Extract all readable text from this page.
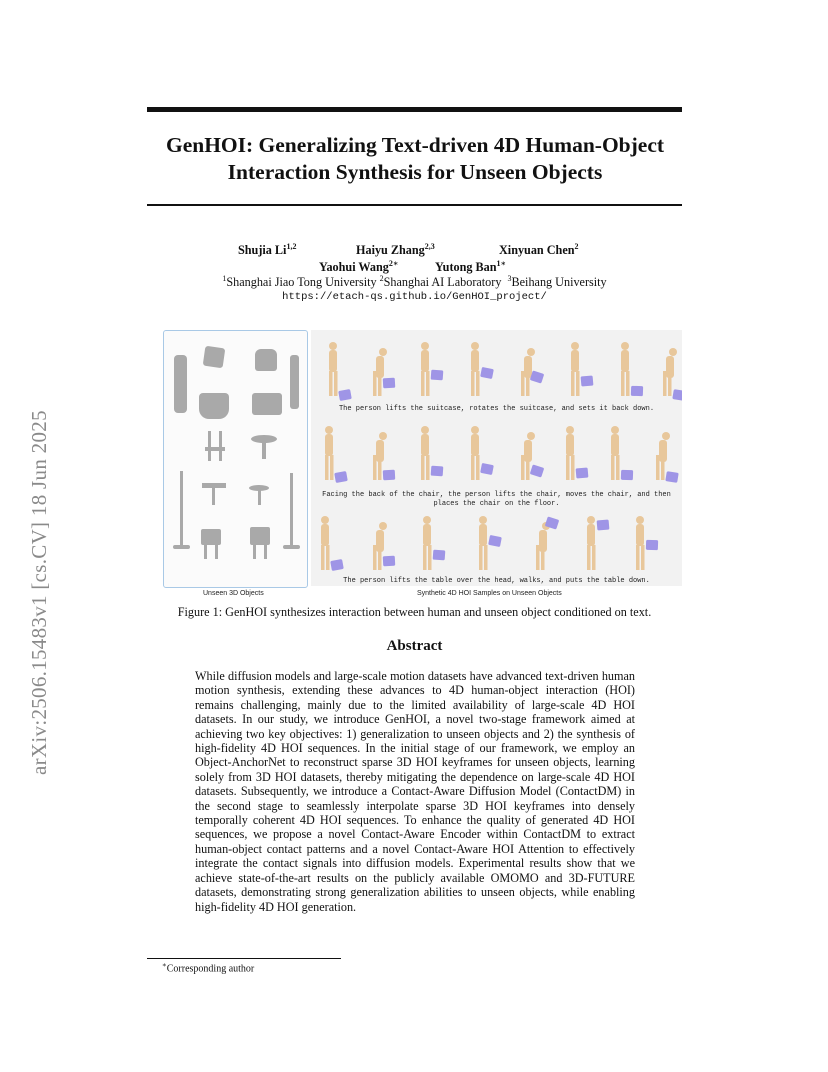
GenHOI: Generalizing Text-driven 4D Human-Object
Interaction Synthesis for Unseen Objects
arXiv:2506.15483v1 [cs.CV] 18 Jun 2025
Shujia Li$^{1,2}$	Haiyu Zhang$^{2,3}$	Xinyuan Chen$^2$
Yaohui Wang$^{2∗}$	Yutong Ban$^{1∗}$
$^1$Shanghai Jiao Tong University $^2$Shanghai AI Laboratory $^3$Beihang University
https://etach-qs.github.io/GenHOI_project/
The person lifts the suitcase, rotates the suitcase, and sets it back down.
Facing the back of the chair, the person lifts the chair, moves the chair, and then
places the chair on the floor.
The person lifts the table over the head, walks, and puts the table down.
Unseen 3D Objects	Synthetic 4D HOI Samples on Unseen Objects
Figure 1: GenHOI synthesizes interaction between human and unseen object conditioned on text.
Abstract

While diffusion models and large-scale motion datasets have advanced text-driven human motion synthesis, extending these advances to 4D human-object interaction (HOI) remains challenging, mainly due to the limited availability of large-scale 4D HOI datasets. In our study, we introduce GenHOI, a novel two-stage framework aimed at achieving two key objectives: 1) generalization to unseen objects and 2) the synthesis of high-fidelity 4D HOI sequences. In the initial stage of our framework, we employ an Object-AnchorNet to reconstruct sparse 3D HOI keyframes for unseen objects, learning solely from 3D HOI datasets, thereby mitigating the dependence on large-scale 4D HOI datasets. Subsequently, we introduce a Contact-Aware Diffusion Model (ContactDM) in the second stage to seamlessly interpolate sparse 3D HOI keyframes into densely temporally coherent 4D HOI sequences. To enhance the quality of generated 4D HOI sequences, we propose a novel Contact-Aware Encoder within ContactDM to extract human-object contact patterns and a novel Contact-Aware HOI Attention to effectively integrate the contact signals into diffusion models. Experimental results show that we achieve state-of-the-art results on the publicly available OMOMO and 3D-FUTURE datasets, demonstrating strong generalization abilities to unseen objects, while enabling high-fidelity 4D HOI generation.

∗Corresponding author
